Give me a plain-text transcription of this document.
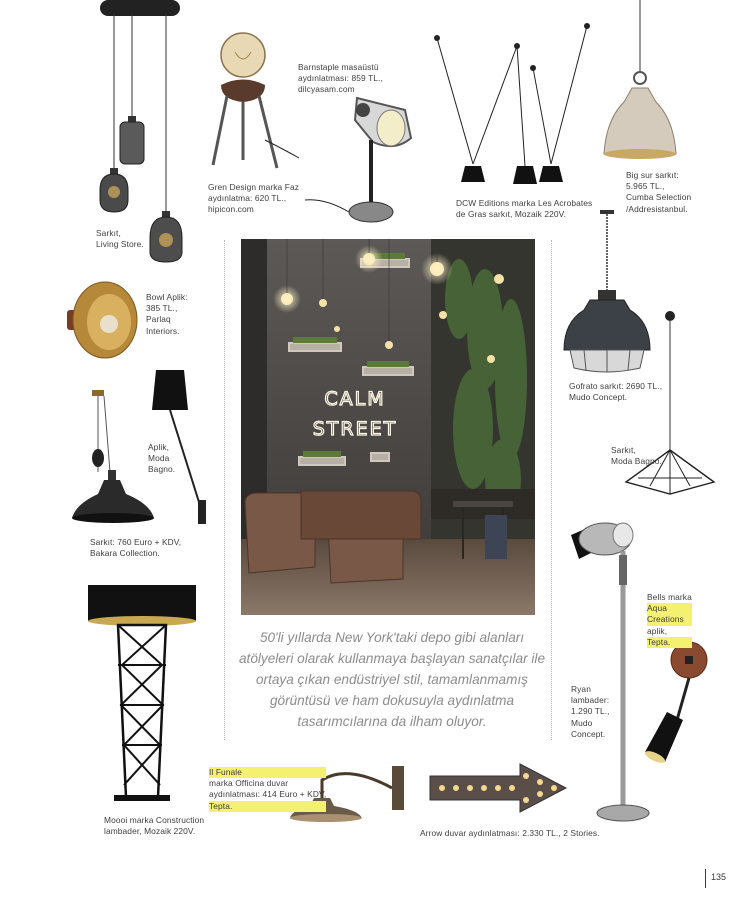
CALM
STREET
Sarkıt,
Living Store.
Barnstaple masaüstü
aydınlatması: 859 TL.,
dilcyasam.com
Gren Design marka Faz
aydınlatma: 620 TL.,
hipicon.com
DCW Editions marka Les Acrobates
de Gras sarkıt, Mozaik 220V.
Big sur sarkıt:
5.965 TL.,
Cumba Selection
/Addresistanbul.
Bowl Aplik:
385 TL.,
Parlaq
Interiors.
Gofrato sarkıt: 2690 TL.,
Mudo Concept.
Aplik,
Moda
Bagno.
Sarkıt,
Moda Bagno.
Sarkıt: 760 Euro + KDV,
Bakara Collection.
Bells marka
Aqua
Creations
aplik,
Tepta.
Ryan
lambader:
1.290 TL.,
Mudo
Concept.
Moooi marka Construction
lambader, Mozaik 220V.
Il Funale
marka Officina duvar
aydınlatması: 414 Euro + KDV,
Tepta.
Arrow duvar aydınlatması: 2.330 TL., 2 Stories.
50'li yıllarda New York'taki depo gibi alanları atölyeleri olarak kullanmaya başlayan sanatçılar ile ortaya çıkan endüstriyel stil, tamamlanmamış görüntüsü ve ham dokusuyla aydınlatma tasarımcılarına da ilham oluyor.
135
